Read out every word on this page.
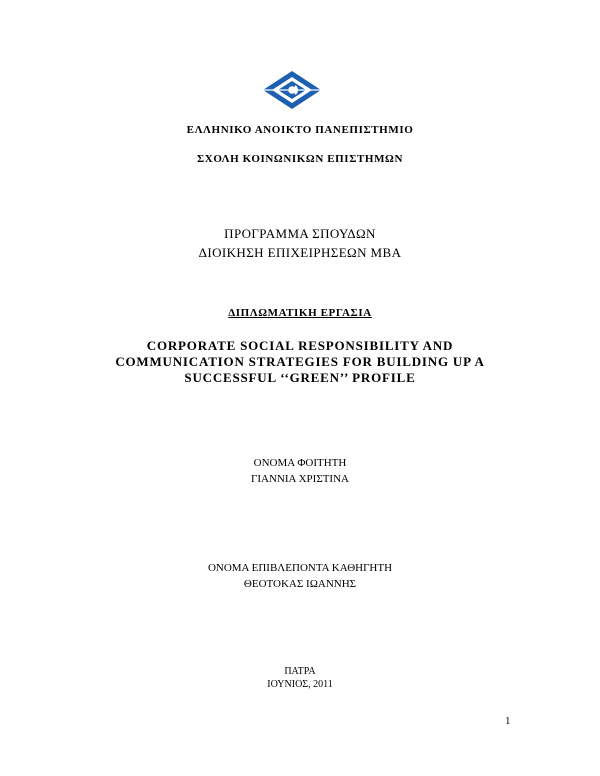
ΕΛΛΗΝΙΚΟ ΑΝΟΙΚΤΟ ΠΑΝΕΠΙΣΤΗΜΙΟ
ΣΧΟΛΗ ΚΟΙΝΩΝΙΚΩΝ ΕΠΙΣΤΗΜΩΝ
ΠΡΟΓΡΑΜΜΑ ΣΠΟΥΔΩΝ
ΔΙΟΙΚΗΣΗ ΕΠΙΧΕΙΡΗΣΕΩΝ ΜΒΑ
ΔΙΠΛΩΜΑΤΙΚΗ ΕΡΓΑΣΙΑ
CORPORATE SOCIAL RESPONSIBILITY AND
COMMUNICATION STRATEGIES FOR BUILDING UP A
SUCCESSFUL ‘‘GREEN’’ PROFILE
ΟΝΟΜΑ ΦΟΙΤΗΤΗ
ΓΙΑΝΝΙΑ ΧΡΙΣΤΙΝΑ
ΟΝΟΜΑ ΕΠΙΒΛΕΠΟΝΤΑ ΚΑΘΗΓΗΤΗ
ΘΕΟΤΟΚΑΣ ΙΩΑΝΝΗΣ
ΠΑΤΡΑ
ΙΟΥΝΙΟΣ, 2011
1
